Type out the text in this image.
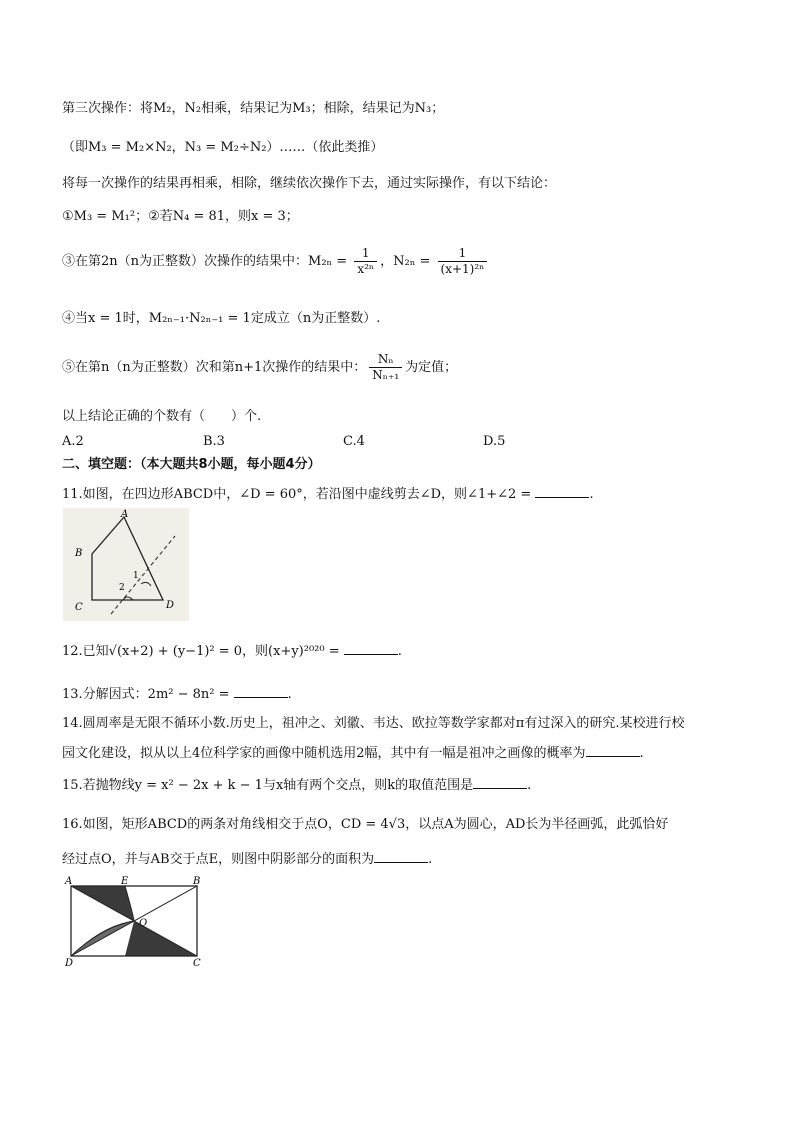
第三次操作：将M₂，N₂相乘，结果记为M₃；相除，结果记为N₃；
（即M₃ = M₂×N₂，N₃ = M₂÷N₂）……（依此类推）
将每一次操作的结果再相乘，相除，继续依次操作下去，通过实际操作，有以下结论：
①M₃ = M₁²；②若N₄ = 81，则x = 3；
③在第2n（n为正整数）次操作的结果中：$M_{2n} = \frac{1}{\text{x²ⁿ}}$ ，$N_{2n} = \frac{1}{\text{(x+1)²ⁿ}}$
④当x = 1时，M₂ₙ₋₁·N₂ₙ₋₁ = 1定成立（n为正整数）.
⑤在第n（n为正整数）次和第n+1次操作的结果中： $\frac{\text{Nₙ}}{\text{Nₙ₊₁}}$ 为定值；
以上结论正确的个数有（　　）个.
A.2	B.3	C.4	D.5
二、填空题：（本大题共8小题，每小题4分）
11.如图，在四边形ABCD中，∠D = 60°，若沿图中虚线剪去∠D，则∠1+∠2 =	.
A
B
C	D
1
2
12.已知√(x+2) + (y−1)² = 0，则(x+y)²⁰²⁰ =	.
13.分解因式：2m² − 8n² =	.
14.圆周率是无限不循环小数.历史上，祖冲之、刘徽、韦达、欧拉等数学家都对π有过深入的研究.某校进行校
园文化建设，拟从以上4位科学家的画像中随机选用2幅，其中有一幅是祖冲之画像的概率为	.
15.若抛物线y = x² − 2x + k − 1与x轴有两个交点，则k的取值范围是	.
16.如图，矩形ABCD的两条对角线相交于点O，CD = 4√3，以点A为圆心，AD长为半径画弧，此弧恰好
经过点O，并与AB交于点E，则图中阴影部分的面积为	.
A	E	B
O
D	C
